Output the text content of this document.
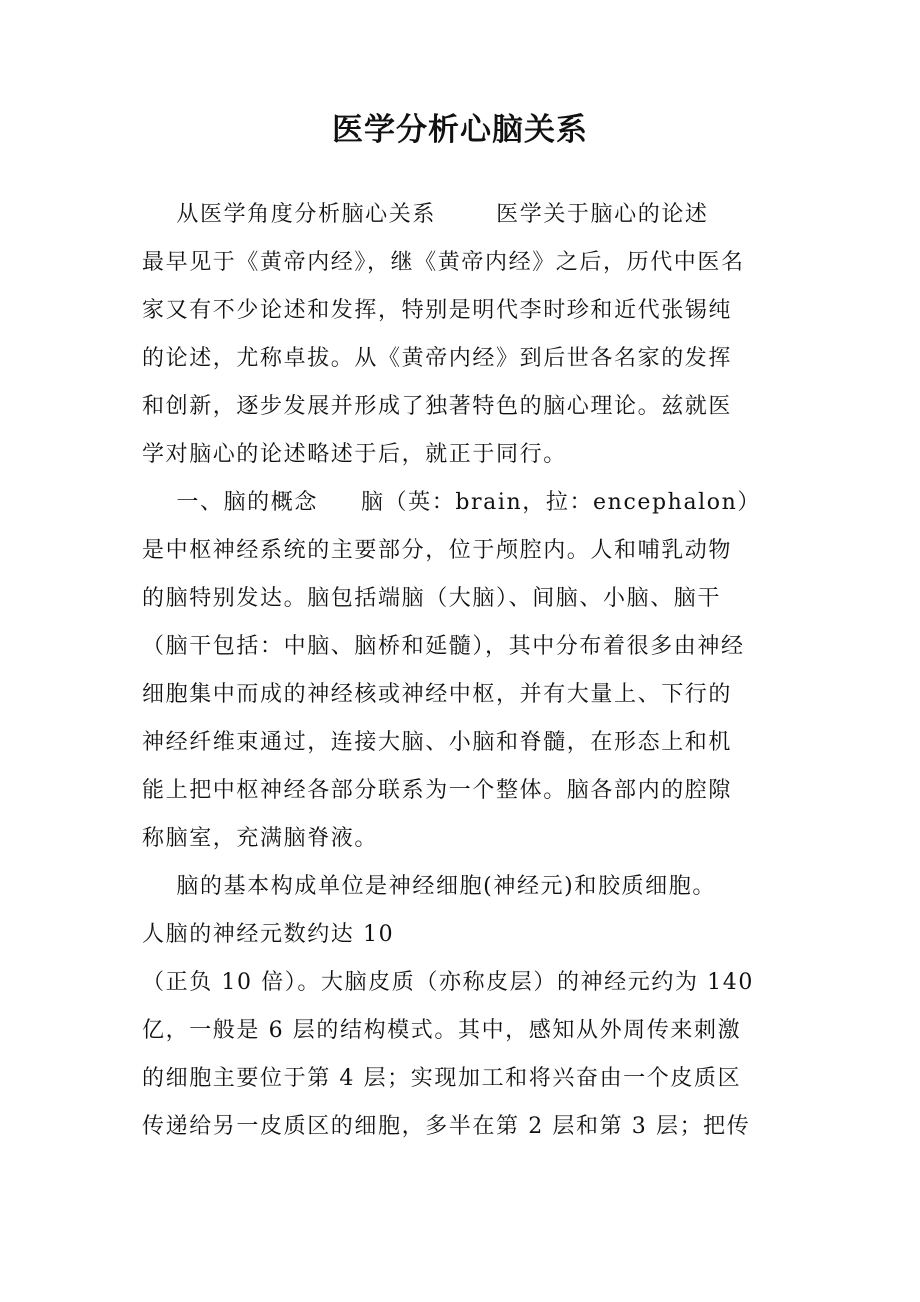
医学分析心脑关系

从医学角度分析脑心关系       医学关于脑心的论述

最早见于《黄帝内经》，继《黄帝内经》之后，历代中医名

家又有不少论述和发挥，特别是明代李时珍和近代张锡纯

的论述，尤称卓拔。从《黄帝内经》到后世各名家的发挥

和创新，逐步发展并形成了独著特色的脑心理论。兹就医

学对脑心的论述略述于后，就正于同行。

一、脑的概念     脑（英：brain，拉：encephalon）

是中枢神经系统的主要部分，位于颅腔内。人和哺乳动物

的脑特别发达。脑包括端脑（大脑）、间脑、小脑、脑干

（脑干包括：中脑、脑桥和延髓），其中分布着很多由神经

细胞集中而成的神经核或神经中枢，并有大量上、下行的

神经纤维束通过，连接大脑、小脑和脊髓，在形态上和机

能上把中枢神经各部分联系为一个整体。脑各部内的腔隙

称脑室，充满脑脊液。

脑的基本构成单位是神经细胞(神经元)和胶质细胞。

人脑的神经元数约达 10

（正负 10 倍）。大脑皮质（亦称皮层）的神经元约为 140

亿，一般是 6 层的结构模式。其中，感知从外周传来刺激

的细胞主要位于第 4 层；实现加工和将兴奋由一个皮质区

传递给另一皮质区的细胞，多半在第 2 层和第 3 层；把传
